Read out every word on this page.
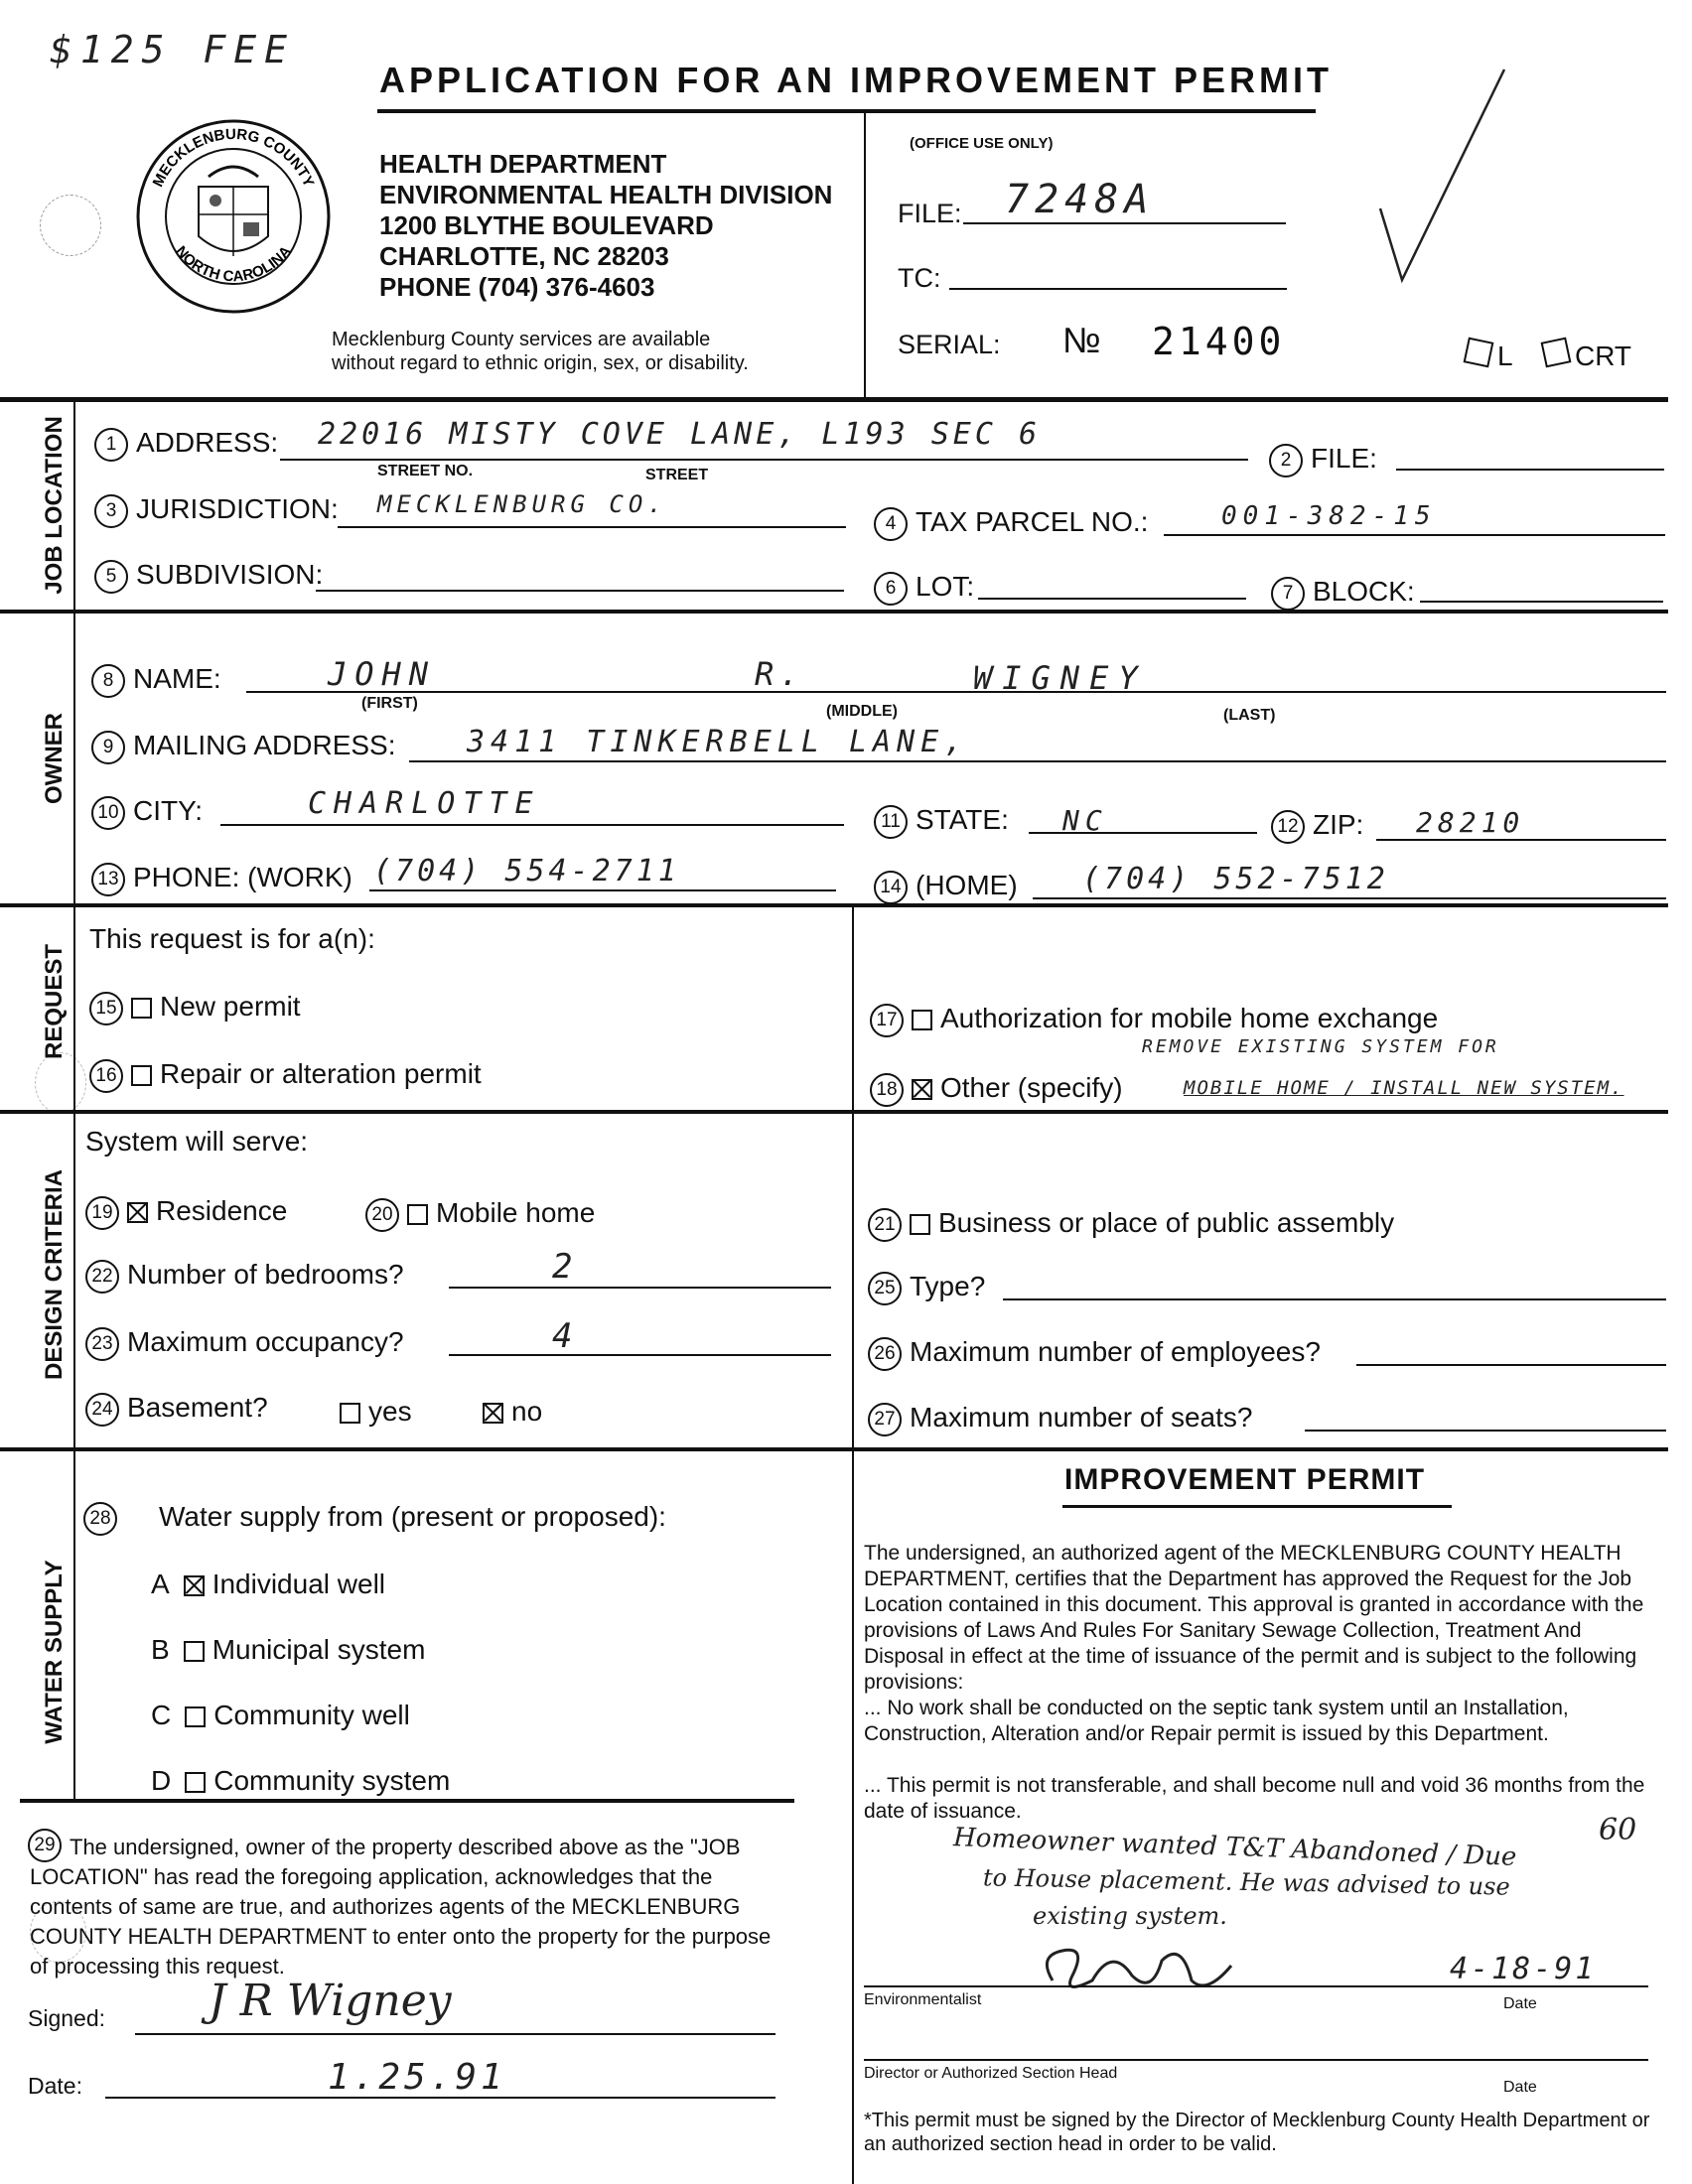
$125 FEE
APPLICATION FOR AN IMPROVEMENT PERMIT
MECKLENBURG COUNTY
NORTH CAROLINA
HEALTH DEPARTMENT
ENVIRONMENTAL HEALTH DIVISION
1200 BLYTHE BOULEVARD
CHARLOTTE, NC 28203
PHONE (704) 376-4603
Mecklenburg County services are available
without regard to ethnic origin, sex, or disability.
(OFFICE USE ONLY)
FILE: 7248A
TC:
SERIAL: № 21400	L	CRT
JOB LOCATION
OWNER
REQUEST
DESIGN CRITERIA
WATER SUPPLY
1 ADDRESS: 22016 MISTY COVE LANE, L193 SEC 6
STREET NO.	STREET
2 FILE:
3 JURISDICTION: MECKLENBURG CO.
4 TAX PARCEL NO.:	001-382-15
5 SUBDIVISION:	6 LOT:	7 BLOCK:
8 NAME:	JOHN	R.	WIGNEY
(FIRST)	(MIDDLE)	(LAST)
9 MAILING ADDRESS: 3411 TINKERBELL LANE,
10 CITY:	CHARLOTTE
11 STATE: NC	12 ZIP: 28210
13 PHONE: (WORK) (704) 554-2711	14 (HOME) (704) 552-7512
This request is for a(n):
15 New permit
16 Repair or alteration permit
17 Authorization for mobile home exchange
REMOVE EXISTING SYSTEM FOR
18 Other (specify)	MOBILE HOME / INSTALL NEW SYSTEM.
System will serve:
19 Residence	20 Mobile home	21 Business or place of public assembly
22 Number of bedrooms?	2
25 Type?
23 Maximum occupancy?	4	26 Maximum number of employees?
24 Basement?	yes	no	27 Maximum number of seats?
28 Water supply from (present or proposed):
A Individual well
B Municipal system
C Community well
D Community system
29 The undersigned, owner of the property described above as the "JOB LOCATION" has read the foregoing application, acknowledges that the contents of same are true, and authorizes agents of the MECKLENBURG COUNTY HEALTH DEPARTMENT to enter onto the property for the purpose of processing this request.
Signed: J R Wigney
Date:	1.25.91
IMPROVEMENT PERMIT
The undersigned, an authorized agent of the MECKLENBURG COUNTY HEALTH DEPARTMENT, certifies that the Department has approved the Request for the Job Location contained in this document. This approval is granted in accordance with the provisions of Laws And Rules For Sanitary Sewage Collection, Treatment And Disposal in effect at the time of issuance of the permit and is subject to the following provisions:
... No work shall be conducted on the septic tank system until an Installation, Construction, Alteration and/or Repair permit is issued by this Department.
... This permit is not transferable, and shall become null and void 36 months from the date of issuance.
60
Homeowner wanted T&T Abandoned / Due
to House placement. He was advised to use
existing system.
4-18-91
Environmentalist	Date
Director or Authorized Section Head
Date
*This permit must be signed by the Director of Mecklenburg County Health Department or an authorized section head in order to be valid.
